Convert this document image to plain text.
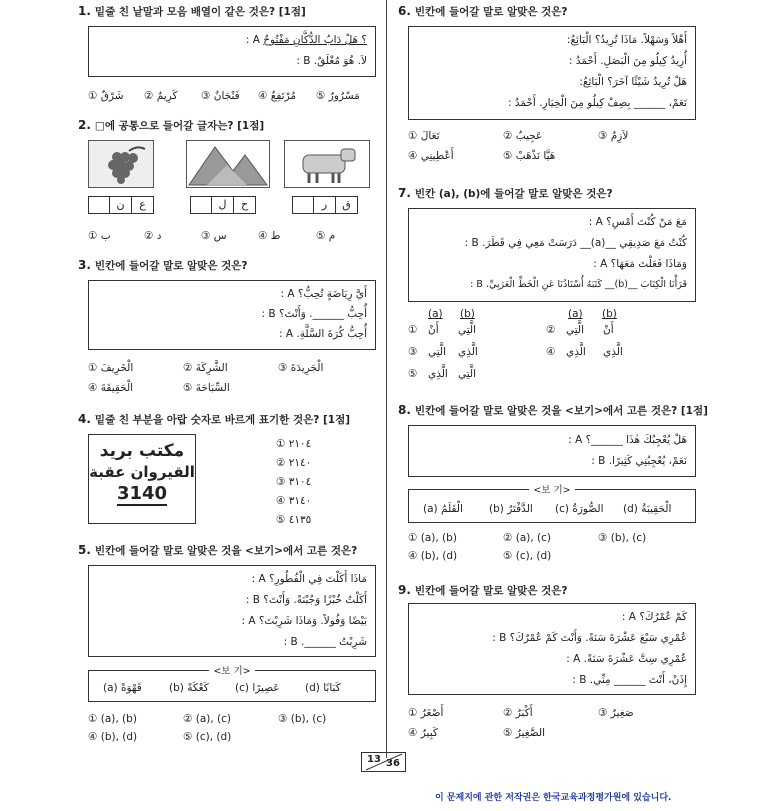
1. 밑줄 친 낱말과 모음 배열이 같은 것은? [1점]
؟ هَلْ دَابُ الدُّكَّانِ مَفْتُوحٌ : A
لاَ. هُوَ مُغْلَقٌ. : B
① شَرْقٌ ② كَرِيمٌ ③ فَنْجَانٌ ④ مُرْتَفِعٌ ⑤ مَسْرُورٌ
2. □에 공통으로 들어갈 글자는? [1점]
ن	ع	ل	ح	ر	ق
① ب	② د	③ س	④ ط	⑤ م
3. 빈칸에 들어갈 말로 알맞은 것은?
أَيَّ رِيَاضَةٍ تُحِبُّ؟ : A
أُحِبُّ ______. وَأَنْتَ؟ : B
أُحِبُّ كُرَةَ السَّلَّةِ. : A
① الْخَرِيفَ	② الشَّرِكَةَ	③ الْجَرِيدَةَ
④ الْحَقِيقَةَ	⑤ السِّبَاحَةَ
4. 밑줄 친 부분을 아랍 숫자로 바르게 표기한 것은? [1점]
مكتب بريد
القيروان عقبة
3140
① ٢١٠٤
② ٢١٤٠
③ ٣١٠٤
④ ٣١٤٠
⑤ ٤١٣٥
5. 빈칸에 들어갈 말로 알맞은 것을 <보기>에서 고른 것은?
مَاذَا أَكَلْتَ فِي الْفُطُورِ؟ : A
أَكَلْتُ خُبْزًا وَجُبْنَةً. وَأَنْتَ؟ : B
بَيْضًا وَفُولاً. وَمَاذَا شَرِبْتَ؟ : A
شَرِبْتُ ______. : B
<보 기>
(a) قَهْوَةً	(b) كَعْكَةً	(c) عَصِيرًا (d) كَبَابًا
① (a), (b)	② (a), (c)	③ (b), (c)
④ (b), (d)	⑤ (c), (d)
6. 빈칸에 들어갈 말로 알맞은 것은?
أَهْلاً وَسَهْلاً. مَاذَا تُرِيدُ؟ :الْبَائِعُ
أُرِيدُ كِيلُو مِنَ الْبَصَلِ. : أَحْمَدُ
هَلْ تُرِيدُ شَيْئًا آخَرَ؟ :الْبَائِعُ
نَعَمْ، ______ بِصِفْ كِيلُو مِنَ الْخِيَارِ. : أَحْمَدُ
① تَعَالَ	② عَجِيبٌ	③ لاَزِمٌ
④ أَعْطِينِي	⑤ هَيَّا نَذْهَبْ
7. 빈칸 (a), (b)에 들어갈 말로 알맞은 것은?
مَعَ مَنْ كُنْتَ أَمْسِ؟ : A
كُنْتُ مَعَ صَدِيقِي __(a)__ دَرَسَتْ مَعِي فِي قَطَرَ. : B
وَمَاذَا فَعَلْتَ مَعَهَا؟ : A
قَرَأْنَا الْكِتَابَ __(b)__ كَتَبَهُ أُسْتَاذُنَا عَنِ الْخَطِّ الْعَرَبِيِّ. : B
(a) (b)	(a) (b)
① أَنْ الَّتِي	② الَّتِي أَنْ
③ الَّتِي الَّذِي	④ الَّذِي الَّذِي
⑤ الَّذِي الَّتِي
8. 빈칸에 들어갈 말로 알맞은 것을 <보기>에서 고른 것은? [1점]
هَلْ يُعْجِبُكَ هٰذَا ______؟ : A
نَعَمْ، يُعْجِبُنِي كَثِيرًا. : B
<보 기>
(a) الْقَلَمُ (b) الدَّفْتَرُ (c) الصُّورَةُ (d) الْحَقِيبَةُ
① (a), (b)	② (a), (c)	③ (b), (c)
④ (b), (d)	⑤ (c), (d)
9. 빈칸에 들어갈 말로 알맞은 것은?
كَمْ عُمْرُكَ؟ : A
عُمْرِي سَبْعَ عَشْرَةَ سَنَةً. وَأَنْتَ كَمْ عُمْرُكَ؟ : B
عُمْرِي سِتَّ عَشْرَةَ سَنَةً. : A
إِذَنْ، أَنْتَ ______ مِنِّي. : B
① أَصْغَرُ	② أَكْبَرُ	③ صَغِيرٌ
④ كَبِيرٌ	⑤ الصَّغِيرُ
13 36
이 문제지에 관한 저작권은 한국교육과정평가원에 있습니다.
